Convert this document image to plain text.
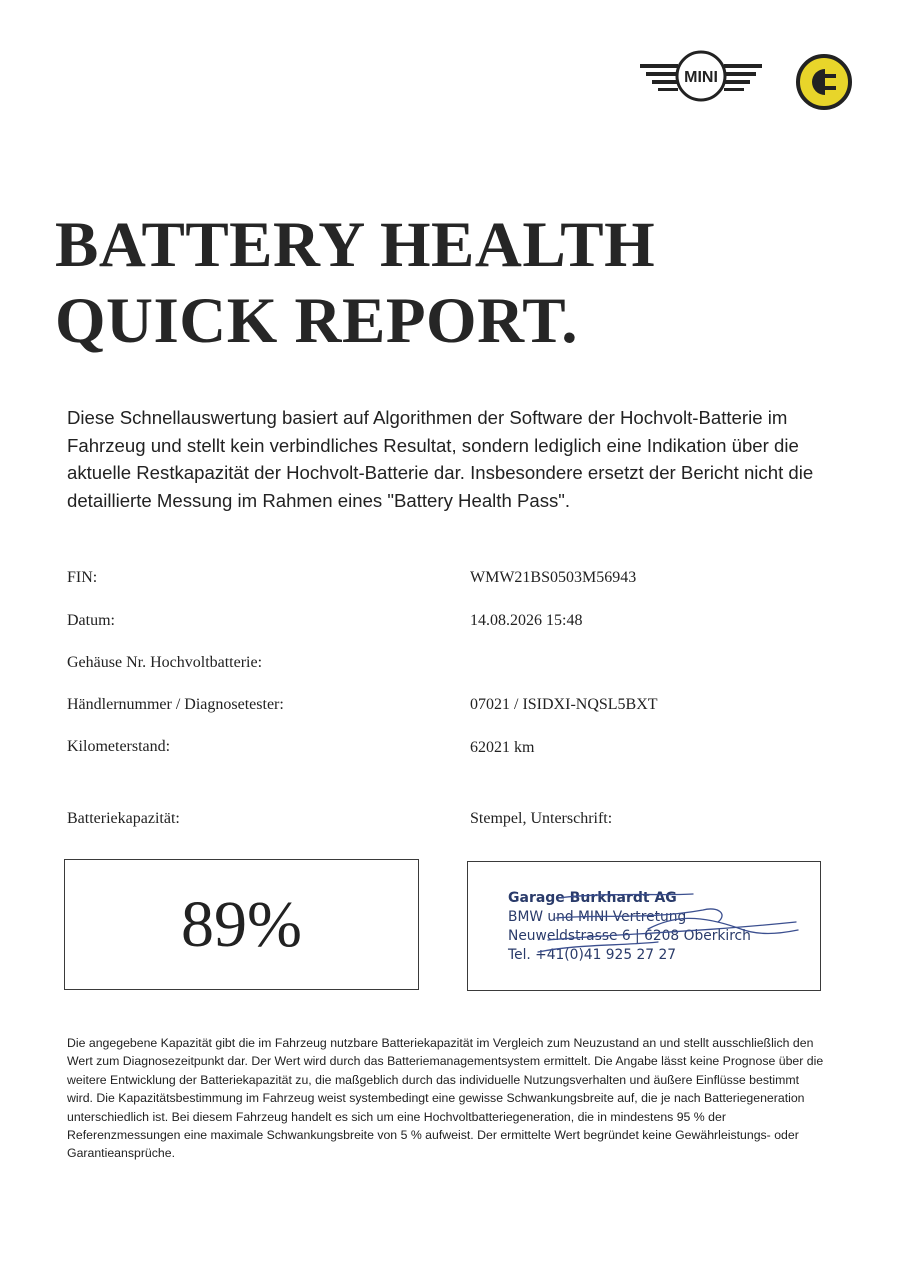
MINI
BATTERY HEALTH
QUICK REPORT.

Diese Schnellauswertung basiert auf Algorithmen der Software der Hochvolt-Batterie im Fahrzeug und stellt kein verbindliches Resultat, sondern lediglich eine Indikation über die aktuelle Restkapazität der Hochvolt-Batterie dar. Insbesondere ersetzt der Bericht nicht die detaillierte Messung im Rahmen eines "Battery Health Pass".

FIN:	WMW21BS0503M56943
Datum:	14.08.2026 15:48
Gehäuse Nr. Hochvoltbatterie:
Händlernummer / Diagnosetester:	07021 / ISIDXI-NQSL5BXT
Kilometerstand:	62021 km
Batteriekapazität:
89%
Stempel, Unterschrift:
Garage Burkhardt AG
BMW und MINI Vertretung
Neuweldstrasse 6 | 6208 Oberkirch
Tel. +41(0)41 925 27 27

Die angegebene Kapazität gibt die im Fahrzeug nutzbare Batteriekapazität im Vergleich zum Neuzustand an und stellt ausschließlich den Wert zum Diagnosezeitpunkt dar. Der Wert wird durch das Batteriemanagementsystem ermittelt. Die Angabe lässt keine Prognose über die weitere Entwicklung der Batteriekapazität zu, die maßgeblich durch das individuelle Nutzungsverhalten und äußere Einflüsse bestimmt wird. Die Kapazitätsbestimmung im Fahrzeug weist systembedingt eine gewisse Schwankungsbreite auf, die je nach Batteriegeneration unterschiedlich ist. Bei diesem Fahrzeug handelt es sich um eine Hochvoltbatteriegeneration, die in mindestens 95 % der Referenzmessungen eine maximale Schwankungsbreite von 5 % aufweist. Der ermittelte Wert begründet keine Gewährleistungs- oder Garantieansprüche.
